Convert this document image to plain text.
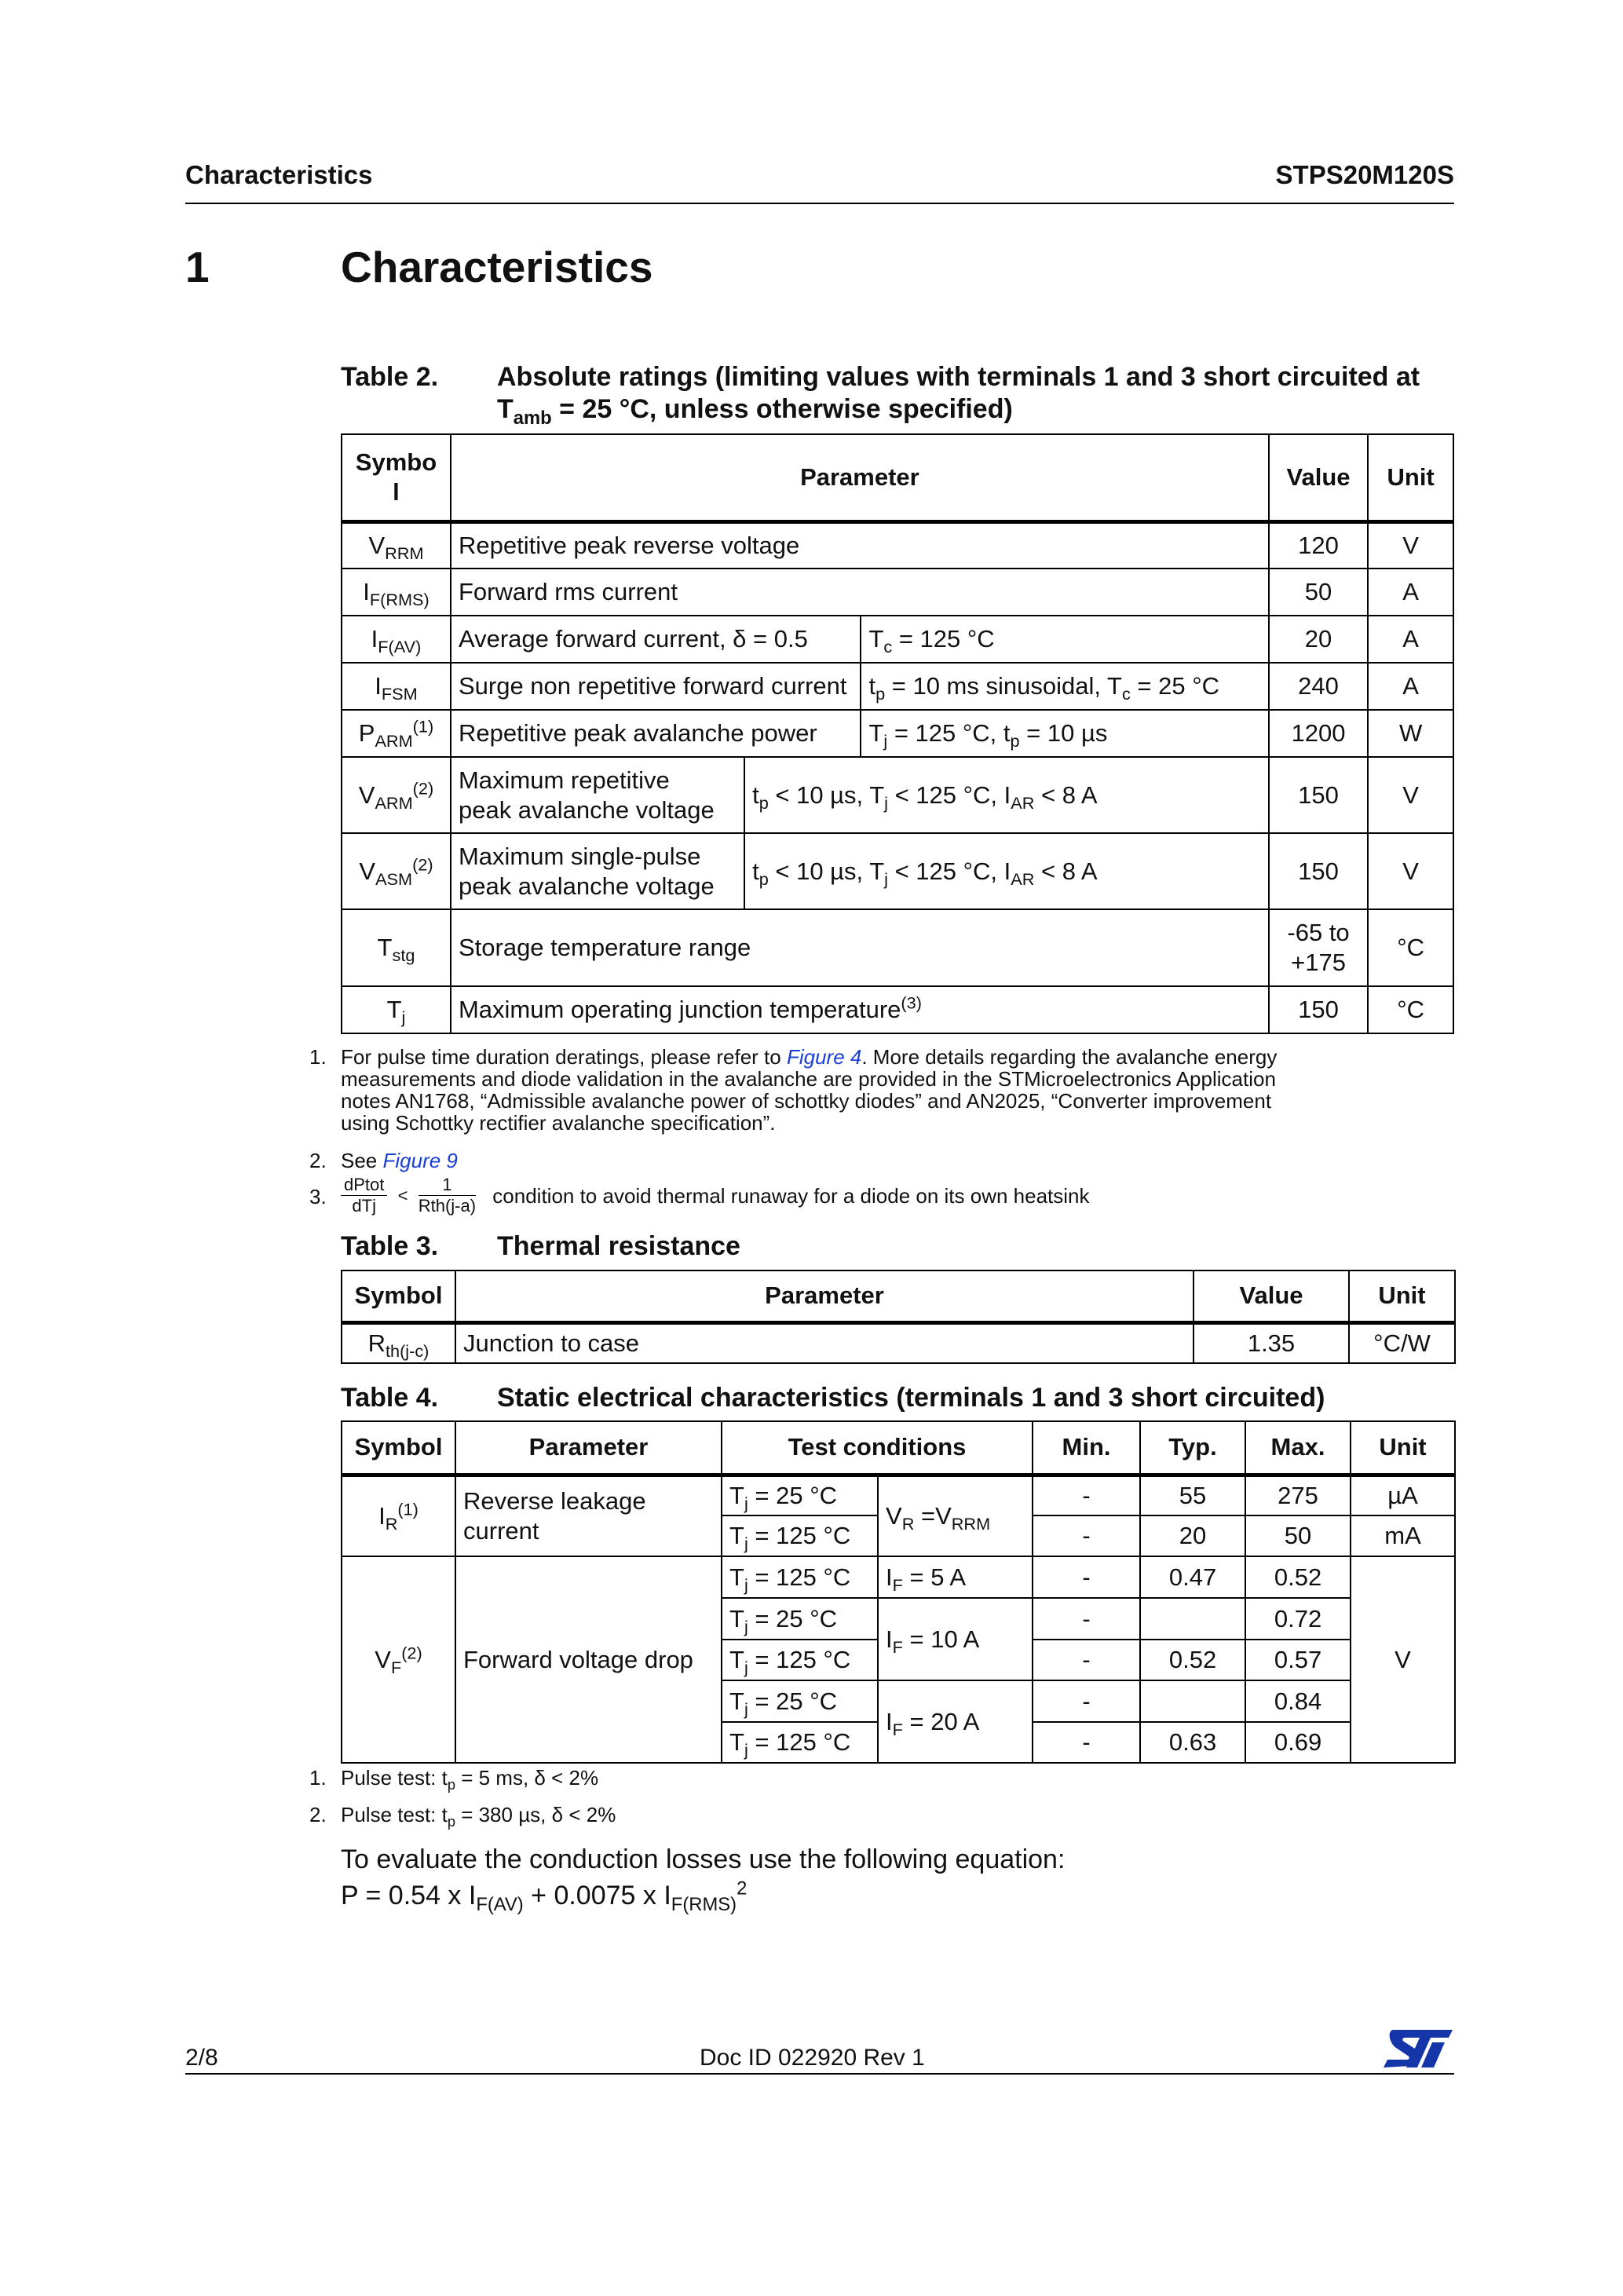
Characteristics	STPS20M120S
1	Characteristics
Table 2. Absolute ratings (limiting values with terminals 1 and 3 short circuited at
$T_{amb} = 25$ °C, unless otherwise specified)
Symbo
l	Parameter			Value	Unit
$V_{RRM}$	Repetitive peak reverse voltage			120	V
$I_{F(RMS)}$	Forward rms current			50	A
$I_{F(AV)}$	Average forward current, δ = 0.5		$T_c = 125$ °C	20	A
$I_{FSM}$	Surge non repetitive forward current		$t_p = 10$ ms sinusoidal, $T_c = 25$ °C	240	A
$P_{ARM}^{(1)}$	Repetitive peak avalanche power		$T_j = 125$ °C, $t_p = 10$ µs	1200	W
$V_{ARM}^{(2)}$	Maximum repetitive
peak avalanche voltage	$t_p < 10$ µs, $T_j < 125$ °C, $I_{AR} < 8$ A		150	V
$V_{ASM}^{(2)}$	Maximum single-pulse
peak avalanche voltage	$t_p < 10$ µs, $T_j < 125$ °C, $I_{AR} < 8$ A		150	V
$T_{stg}$	Storage temperature range			-65 to
+175	°C
$T_j$	Maximum operating junction temperature$^{(3)}$			150	°C
1. For pulse time duration deratings, please refer to Figure 4. More details regarding the avalanche energy
measurements and diode validation in the avalanche are provided in the STMicroelectronics Application
notes AN1768, “Admissible avalanche power of schottky diodes” and AN2025, “Converter improvement
using Schottky rectifier avalanche specification”.
2. See Figure 9
3. $\frac{\text{dPtot}}{\text{dTj}} < \frac{1}{\text{Rth(j-a)}}$ condition to avoid thermal runaway for a diode on its own heatsink
Table 3. Thermal resistance
Symbol	Parameter	Value	Unit
$R_{th(j-c)}$	Junction to case	1.35	°C/W
Table 4. Static electrical characteristics (terminals 1 and 3 short circuited)
Symbol	Parameter	Test conditions		Min.	Typ.	Max.	Unit
$I_R^{(1)}$	Reverse leakage
current	$T_j = 25$ °C	$V_R =V_{RRM}$	-	55	275	µA
		$T_j = 125$ °C		-	20	50	mA
$V_F^{(2)}$	Forward voltage drop	$T_j = 125$ °C	$I_F = 5$ A	-	0.47	0.52	V
		$T_j = 25$ °C	$I_F = 10$ A	-		0.72	
		$T_j = 125$ °C		-	0.52	0.57	
		$T_j = 25$ °C	$I_F = 20$ A	-		0.84	
		$T_j = 125$ °C		-	0.63	0.69	
1. Pulse test: $t_p = 5$ ms, δ < 2%
2. Pulse test: $t_p = 380$ µs, δ < 2%
To evaluate the conduction losses use the following equation:
P = 0.54 x $I_{F(AV)} + 0.0075$ x $I_{F(RMS)}^2$
2/8	Doc ID 022920 Rev 1
